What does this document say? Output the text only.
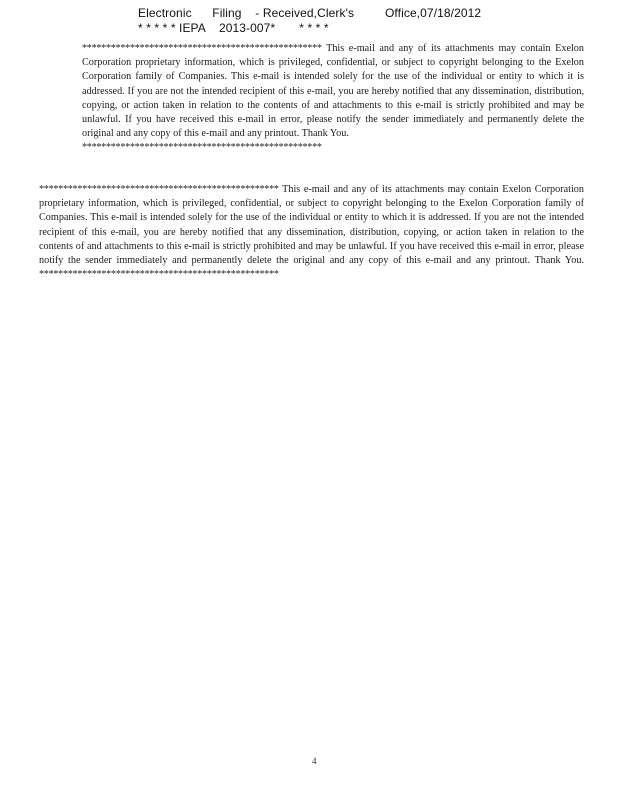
Electronic      Filing    - Received,Clerk's         Office,07/18/2012
* * * * * IEPA    2013-007*       * * * *
************************************************** This e-mail and any of its attachments may contain Exelon Corporation proprietary information, which is privileged, confidential, or subject to copyright belonging to the Exelon Corporation family of Companies. This e-mail is intended solely for the use of the individual or entity to which it is addressed. If you are not the intended recipient of this e-mail, you are hereby notified that any dissemination, distribution, copying, or action taken in relation to the contents of and attachments to this e-mail is strictly prohibited and may be unlawful. If you have received this e-mail in error, please notify the sender immediately and permanently delete the original and any copy of this e-mail and any printout. Thank You.
**************************************************
************************************************** This e-mail and any of its attachments may contain Exelon Corporation proprietary information, which is privileged, confidential, or subject to copyright belonging to the Exelon Corporation family of Companies. This e-mail is intended solely for the use of the individual or entity to which it is addressed. If you are not the intended recipient of this e-mail, you are hereby notified that any dissemination, distribution, copying, or action taken in relation to the contents of and attachments to this e-mail is strictly prohibited and may be unlawful. If you have received this e-mail in error, please notify the sender immediately and permanently delete the original and any copy of this e-mail and any printout. Thank You. **************************************************
4
